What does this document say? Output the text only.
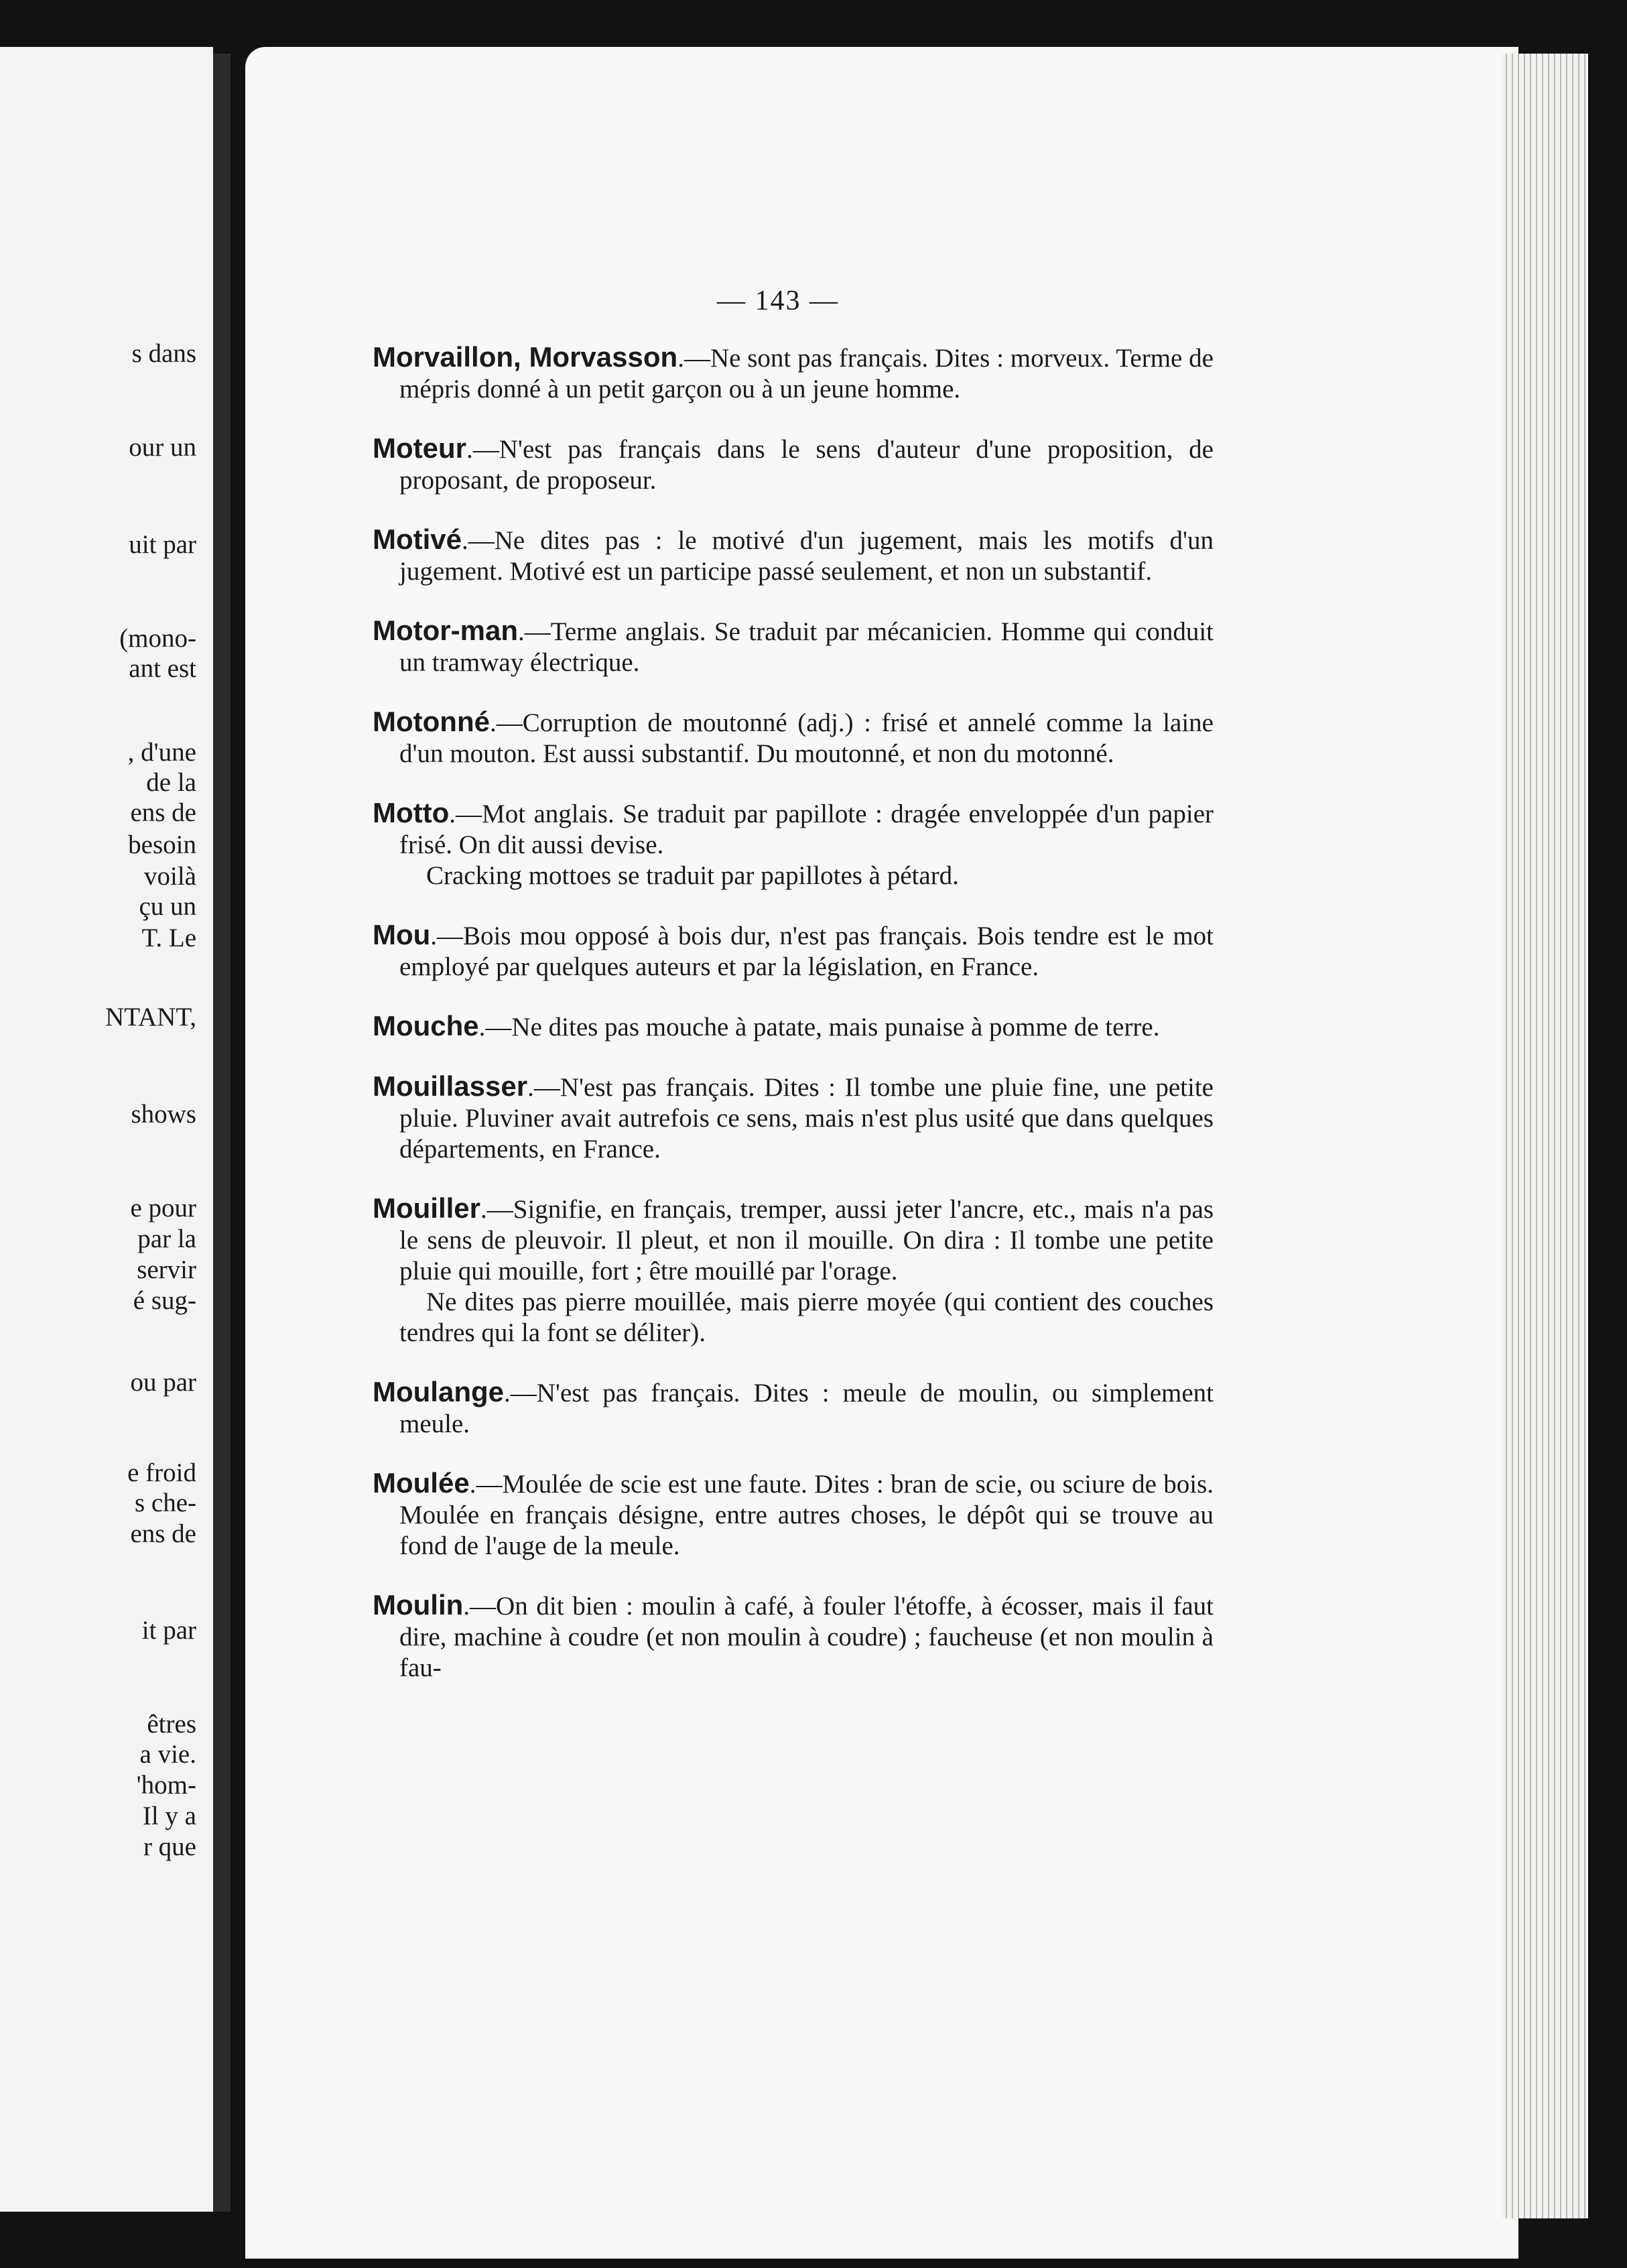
s dans
our un
uit par
(mono-
ant est
, d'une
de la
ens de
besoin
voilà
çu un
T. Le
NTANT,
shows
e pour
par la
servir
é sug-
ou par
e froid
s che-
ens de
it par
êtres
a vie.
'hom-
Il y a
r que
— 143 —
Morvaillon, Morvasson.—Ne sont pas français. Dites : morveux. Terme de mépris donné à un petit garçon ou à un jeune homme.
Moteur.—N'est pas français dans le sens d'auteur d'une proposition, de proposant, de proposeur.
Motivé.—Ne dites pas : le motivé d'un jugement, mais les motifs d'un jugement. Motivé est un participe passé seulement, et non un substantif.
Motor-man.—Terme anglais. Se traduit par mécanicien. Homme qui conduit un tramway électrique.
Motonné.—Corruption de moutonné (adj.) : frisé et annelé comme la laine d'un mouton. Est aussi substantif. Du moutonné, et non du motonné.
Motto.—Mot anglais. Se traduit par papillote : dragée enveloppée d'un papier frisé. On dit aussi devise.
Cracking mottoes se traduit par papillotes à pétard.
Mou.—Bois mou opposé à bois dur, n'est pas français. Bois tendre est le mot employé par quelques auteurs et par la législation, en France.
Mouche.—Ne dites pas mouche à patate, mais punaise à pomme de terre.
Mouillasser.—N'est pas français. Dites : Il tombe une pluie fine, une petite pluie. Pluviner avait autrefois ce sens, mais n'est plus usité que dans quelques départements, en France.
Mouiller.—Signifie, en français, tremper, aussi jeter l'ancre, etc., mais n'a pas le sens de pleuvoir. Il pleut, et non il mouille. On dira : Il tombe une petite pluie qui mouille, fort ; être mouillé par l'orage.
Ne dites pas pierre mouillée, mais pierre moyée (qui contient des couches tendres qui la font se déliter).
Moulange.—N'est pas français. Dites : meule de moulin, ou simplement meule.
Moulée.—Moulée de scie est une faute. Dites : bran de scie, ou sciure de bois. Moulée en français désigne, entre autres choses, le dépôt qui se trouve au fond de l'auge de la meule.
Moulin.—On dit bien : moulin à café, à fouler l'étoffe, à écosser, mais il faut dire, machine à coudre (et non moulin à coudre) ; faucheuse (et non moulin à fau-
